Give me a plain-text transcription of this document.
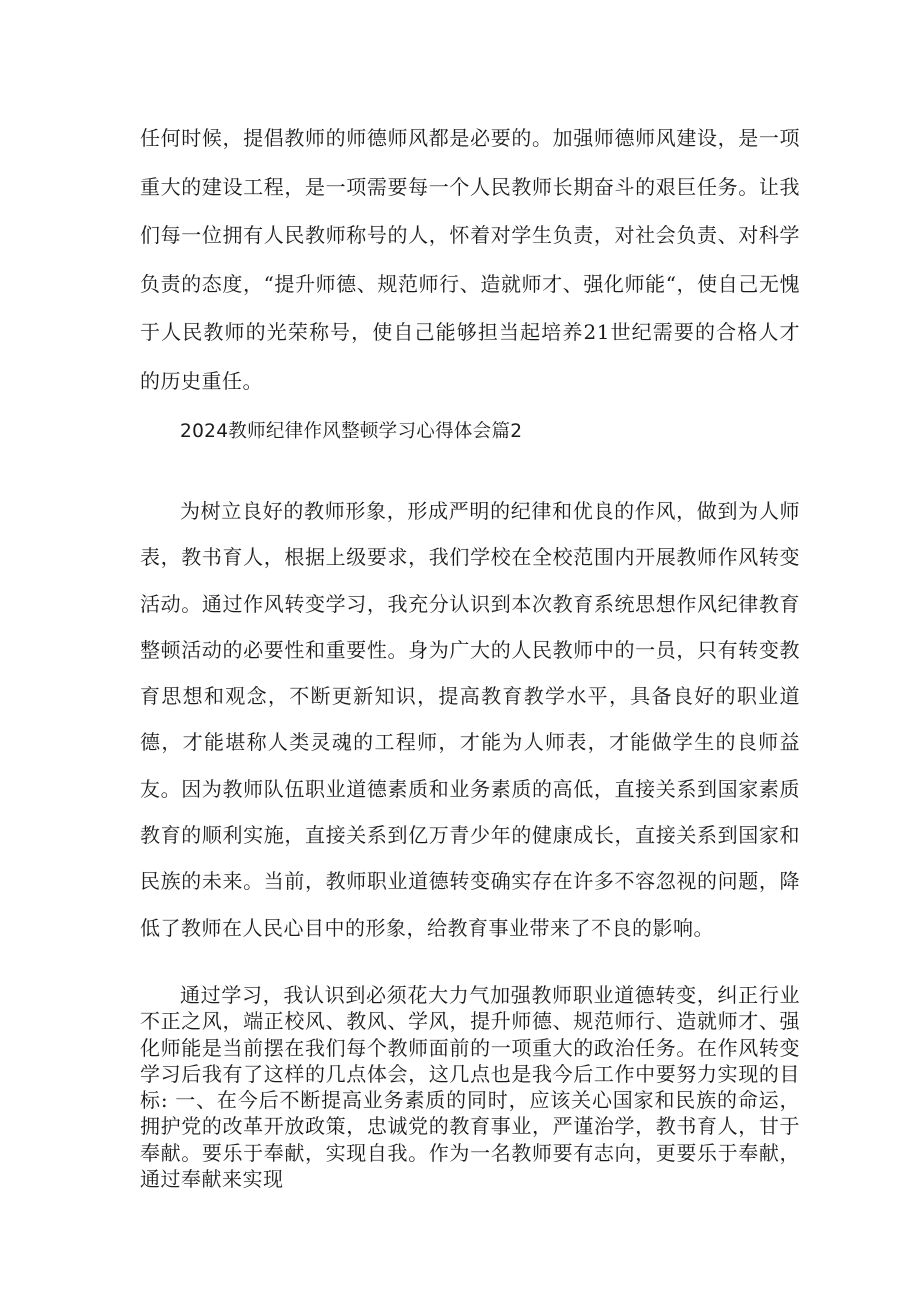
任何时候，提倡教师的师德师风都是必要的。加强师德师风建设，是一项重大的建设工程，是一项需要每一个人民教师长期奋斗的艰巨任务。让我们每一位拥有人民教师称号的人，怀着对学生负责，对社会负责、对科学负责的态度，“提升师德、规范师行、造就师才、强化师能“，使自己无愧于人民教师的光荣称号，使自己能够担当起培养21世纪需要的合格人才的历史重任。

2024教师纪律作风整顿学习心得体会篇2

为树立良好的教师形象，形成严明的纪律和优良的作风，做到为人师表，教书育人，根据上级要求，我们学校在全校范围内开展教师作风转变活动。通过作风转变学习，我充分认识到本次教育系统思想作风纪律教育整顿活动的必要性和重要性。身为广大的人民教师中的一员，只有转变教育思想和观念，不断更新知识，提高教育教学水平，具备良好的职业道德，才能堪称人类灵魂的工程师，才能为人师表，才能做学生的良师益友。因为教师队伍职业道德素质和业务素质的高低，直接关系到国家素质教育的顺利实施，直接关系到亿万青少年的健康成长，直接关系到国家和民族的未来。当前，教师职业道德转变确实存在许多不容忽视的问题，降低了教师在人民心目中的形象，给教育事业带来了不良的影响。

通过学习，我认识到必须花大力气加强教师职业道德转变，纠正行业不正之风，端正校风、教风、学风，提升师德、规范师行、造就师才、强化师能是当前摆在我们每个教师面前的一项重大的政治任务。在作风转变学习后我有了这样的几点体会，这几点也是我今后工作中要努力实现的目标: 一、在今后不断提高业务素质的同时，应该关心国家和民族的命运，拥护党的改革开放政策，忠诚党的教育事业，严谨治学，教书育人，甘于奉献。要乐于奉献，实现自我。作为一名教师要有志向，更要乐于奉献，通过奉献来实现
